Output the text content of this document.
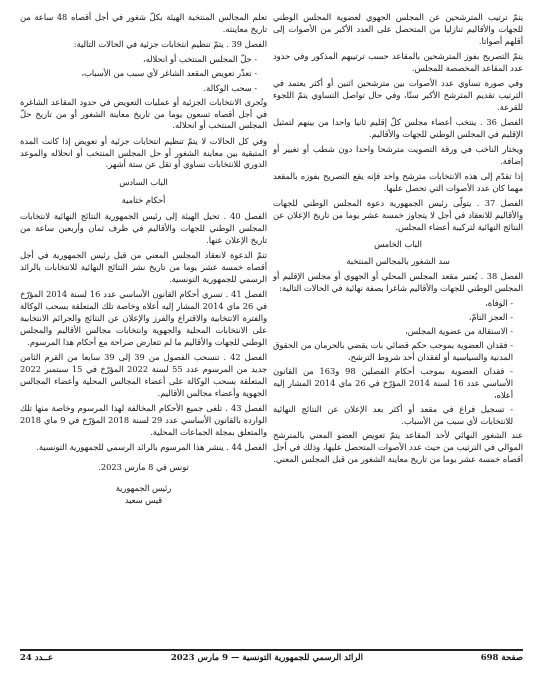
يتمّ ترتيب المترشحين عن المجلس الجهوي لعضوية المجلس الوطني للجهات والأقاليم تنازليا من المتحصل على العدد الأكبر من الأصوات إلى أقلهم أصواتا.

يتمّ التصريح بفوز المترشحين بالمقاعد حسب ترتيبهم المذكور وفي حدود عدد المقاعد المخصصة للمجلس.

وفي صورة تساوي عدد الأصوات بين مترشحين اثنين أو أكثر يعتمد في الترتيب تقديم المترشح الأكبر سنًا، وفي حال تواصل التساوي يتمّ اللجوء للقرعة.

الفصل 36 . ينتخب أعضاء مجلس كلّ إقليم ثانيا واحدا من بينهم لتمثيل الإقليم في المجلس الوطني للجهات والأقاليم.

ويختار الناخب في ورقة التصويت مترشحا واحدا دون شطب أو تغيير أو إضافة.

إذا تقدّم إلى هذه الانتخابات مترشح واحد فإنه يقع التصريح بفوزه بالمقعد مهما كان عدد الأصوات التي تحصل عليها.

الفصل 37 . يتولّى رئيس الجمهورية دعوة المجلس الوطني للجهات والأقاليم للانعقاد في أجل لا يتجاوز خمسة عشر يوما من تاريخ الإعلان عن النتائج النهائية لتركيبة أعضاء المجلس.

الباب الخامس

سد الشغور بالمجالس المنتخبة

الفصل 38 . يُعتبر مقعد المجلس المحلي أو الجهوي أو مجلس الإقليم أو المجلس الوطني للجهات والأقاليم شاغرا بصفة نهائية في الحالات التالية:

- الوفاة،

- العجز التامّ،

- الاستقالة من عضوية المجلس،

- فقدان العضوية بموجب حكم قضائي بات يقضي بالحرمان من الحقوق المدنية والسياسية أو لفقدان أحد شروط الترشح،

- فقدان العضوية بموجب أحكام الفصلين 98 و163 من القانون الأساسي عدد 16 لسنة 2014 المؤرّخ في 26 ماي 2014 المشار إليه أعلاه،

- تسجيل فراغ في مقعد أو أكثر بعد الإعلان عن النتائج النهائية للانتخابات لأي سبب من الأسباب.

عند الشغور النهائي لأحد المقاعد يتمّ تعويض العضو المعني بالمترشح الموالي في الترتيب من حيث عدد الأصوات المتحصل عليها، وذلك في أجل أقصاه خمسة عشر يوما من تاريخ معاينة الشغور من قبل المجلس المعني.

تعلم المجالس المنتخبة الهيئة بكلّ شغور في أجل أقصاه 48 ساعة من تاريخ معاينته.

الفصل 39 . يتمّ تنظيم انتخابات جزئية في الحالات التالية:

- حلّ المجلس المنتخب أو انحلاله،

- تعذّر تعويض المقعد الشاغر لأي سبب من الأسباب،

- سحب الوكالة.

وتُجرى الانتخابات الجزئية أو عمليات التعويض في حدود المقاعد الشاغرة في أجل أقصاه تسعون يوما من تاريخ معاينة الشغور أو من تاريخ حلّ المجلس المنتخب أو انحلاله.

وفي كل الحالات لا يتمّ تنظيم انتخابات جزئية أو تعويض إذا كانت المدة المتبقية بين معاينة الشغور أو حل المجلس المنتخب أو انحلاله والموعد الدوري للانتخابات تساوي أو تقل عن ستة أشهر.

الباب السادس

أحكام ختامية

الفصل 40 . تحيل الهيئة إلى رئيس الجمهورية النتائج النهائية لانتخابات المجلس الوطني للجهات والأقاليم في ظرف ثمان وأربعين ساعة من تاريخ الإعلان عنها.

تتمّ الدعوة لانعقاد المجلس المعني من قبل رئيس الجمهورية في أجل أقصاه خمسة عشر يوما من تاريخ نشر النتائج النهائية للانتخابات بالرائد الرسمي للجمهورية التونسية.

الفصل 41 . تسري أحكام القانون الأساسي عدد 16 لسنة 2014 المؤرّخ في 26 ماي 2014 المشار إليه أعلاه وخاصة تلك المتعلقة بسحب الوكالة والفترة الانتخابية والاقتراع والفرز والإعلان عن النتائج والجرائم الانتخابية على الانتخابات المحلية والجهوية وانتخابات مجالس الأقاليم والمجلس الوطني للجهات والأقاليم ما لم تتعارض صراحة مع أحكام هذا المرسوم.

الفصل 42 . تنسحب الفصول من 39 إلى 39 سابعا من القرم الثامن جديد من المرسوم عدد 55 لسنة 2022 المؤرّخ في 15 سبتمبر 2022 المتعلقة بسحب الوكالة على أعضاء المجالس المحلية وأعضاء المجالس الجهوية وأعضاء مجالس الأقاليم.

الفصل 43 . تلغى جميع الأحكام المخالفة لهذا المرسوم وخاصة منها تلك الواردة بالقانون الأساسي عدد 29 لسنة 2018 المؤرّخ في 9 ماي 2018 والمتعلق بمجلة الجماعات المحلية.

الفصل 44 . ينشر هذا المرسوم بالرائد الرسمي للجمهورية التونسية.

تونس في 8 مارس 2023.

رئيس الجمهورية
قيس سعيد
صفحة 698
الرائد الرسمي للجمهورية التونسية — 9 مارس 2023
عــدد 24
